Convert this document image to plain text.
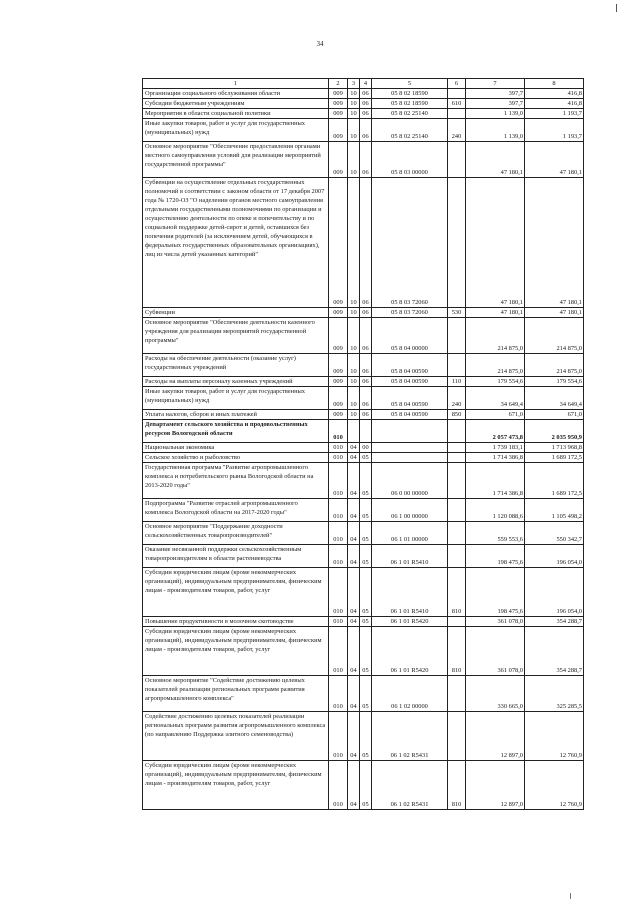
34
1	2	3	4	5	6	7	8
Организации социального обслуживания области	009	10	06	05 8 02 18590		397,7	416,8
Субсидии бюджетным учреждениям	009	10	06	05 8 02 18590	610	397,7	416,8
Мероприятия в области социальной политики	009	10	06	05 8 02 25140		1 139,0	1 193,7
Иные закупки товаров, работ и услуг для государственных (муниципальных) нужд	009	10	06	05 8 02 25140	240	1 139,0	1 193,7
Основное мероприятие "Обеспечение предоставления органами местного самоуправления условий для реализации мероприятий государственной программы"	009	10	06	05 8 03 00000		47 180,1	47 180,1
Субвенции на осуществление отдельных государственных полномочий в соответствии с законом области от 17 декабря 2007 года № 1720-ОЗ "О наделении органов местного самоуправления отдельными государственными полномочиями по организации и осуществлению деятельности по опеке и попечительству и по социальной поддержке детей-сирот и детей, оставшихся без попечения родителей (за исключением детей, обучающихся в федеральных государственных образовательных организациях), лиц из числа детей указанных категорий"	009	10	06	05 8 03 72060		47 180,1	47 180,1
Субвенции	009	10	06	05 8 03 72060	530	47 180,1	47 180,1
Основное мероприятие "Обеспечение деятельности казенного учреждения для реализации мероприятий государственной программы"	009	10	06	05 8 04 00000		214 875,0	214 875,0
Расходы на обеспечение деятельности (оказание услуг) государственных учреждений	009	10	06	05 8 04 00590		214 875,0	214 875,0
Расходы на выплаты персоналу казенных учреждений	009	10	06	05 8 04 00590	110	179 554,6	179 554,6
Иные закупки товаров, работ и услуг для государственных (муниципальных) нужд	009	10	06	05 8 04 00590	240	34 649,4	34 649,4
Уплата налогов, сборов и иных платежей	009	10	06	05 8 04 00590	850	671,0	671,0
Департамент сельского хозяйства и продовольственных ресурсов Вологодской области	010					2 057 473,8	2 035 950,9
Национальная экономика	010	04	00			1 739 183,1	1 713 968,8
Сельское хозяйство и рыболовство	010	04	05			1 714 386,8	1 689 172,5
Государственная программа "Развитие агропромышленного комплекса и потребительского рынка Вологодской области на 2013-2020 годы"	010	04	05	06 0 00 00000		1 714 386,8	1 689 172,5
Подпрограмма "Развитие отраслей агропромышленного комплекса Вологодской области на 2017-2020 годы"	010	04	05	06 1 00 00000		1 120 088,6	1 105 498,2
Основное мероприятие "Поддержание доходности сельскохозяйственных товаропроизводителей"	010	04	05	06 1 01 00000		559 553,6	550 342,7
Оказание несвязанной поддержки сельскохозяйственным товаропроизводителям в области растениеводства	010	04	05	06 1 01 R5410		198 475,6	196 054,0
Субсидии юридическим лицам (кроме некоммерческих организаций), индивидуальным предпринимателям, физическим лицам - производителям товаров, работ, услуг	010	04	05	06 1 01 R5410	810	198 475,6	196 054,0
Повышение продуктивности в молочном скотоводстве	010	04	05	06 1 01 R5420		361 078,0	354 288,7
Субсидии юридическим лицам (кроме некоммерческих организаций), индивидуальным предпринимателям, физическим лицам - производителям товаров, работ, услуг	010	04	05	06 1 01 R5420	810	361 078,0	354 288,7
Основное мероприятие "Содействие достижению целевых показателей реализации региональных программ развития агропромышленного комплекса"	010	04	05	06 1 02 00000		330 665,0	325 285,5
Содействие достижению целевых показателей реализации региональных программ развития агропромышленного комплекса (по направлению Поддержка элитного семеноводства)	010	04	05	06 1 02 R5431		12 897,0	12 760,9
Субсидии юридическим лицам (кроме некоммерческих организаций), индивидуальным предпринимателям, физическим лицам - производителям товаров, работ, услуг	010	04	05	06 1 02 R5431	810	12 897,0	12 760,9
